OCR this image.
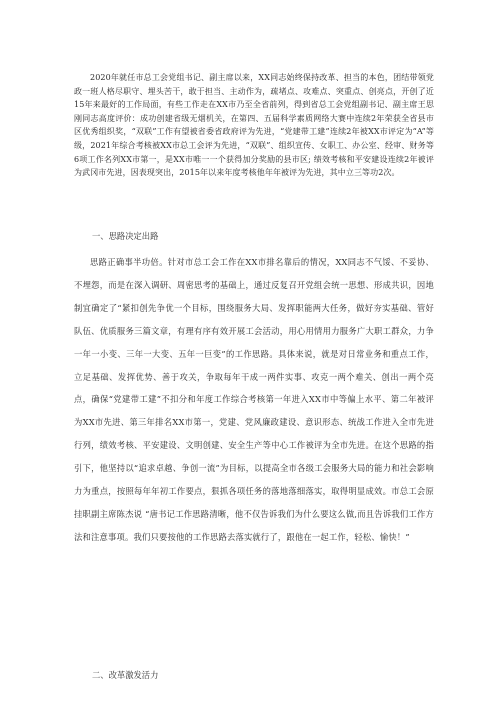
2020年就任市总工会党组书记、副主席以来，XX同志始终保持改革、担当的本色，团结带领党政一班人格尽职守、埋头苦干，敢于担当、主动作为，疏堵点、攻难点、突重点、创亮点，开创了近15年来最好的工作局面，有些工作走在XX市乃至全省前列，得到省总工会党组副书记、副主席王思刚同志高度评价：成功创建省级无烟机关，在第四、五届科学素质网络大赛中连续2年荣获全省县市区优秀组织奖，“双联”工作有望被省委省政府评为先进，“党建带工建”连续2年被XX市评定为“A”等级，2021年综合考核被XX市总工会评为先进，“双联”、组织宣传、女职工、办公室、经审、财务等6项工作名列XX市第一，是XX市唯一一个获得加分奖励的县市区; 绩效考核和平安建设连续2年被评为武冈市先进，因表现突出，2015年以来年度考核他年年被评为先进，其中立三等功2次。

一、思路决定出路

思路正确事半功倍。针对市总工会工作在XX市排名靠后的情况，XX同志不气馁、不妥协、不埋怨，而是在深入调研、周密思考的基础上，通过反复召开党组会统一思想、形成共识，因地制宜确定了“紧扣创先争优一个目标，围绕服务大局、发挥职能两大任务，做好夯实基础、管好队伍、优质服务三篇文章，有理有序有效开展工会活动，用心用情用力服务广大职工群众，力争一年一小变、三年一大变、五年一巨变”的工作思路。具体来说，就是对日常业务和重点工作，立足基础、发挥优势、善于攻关，争取每年干成一两件实事、攻克一两个难关、创出一两个亮点，确保“党建带工建”不扣分和年度工作综合考核第一年进入XX市中等偏上水平、第二年被评为XX市先进、第三年排名XX市第一，党建、党风廉政建设、意识形态、统战工作进入全市先进行列，绩效考核、平安建设、文明创建、安全生产等中心工作被评为全市先进。在这个思路的指引下，他坚持以“追求卓越、争创一流”为目标，以提高全市各级工会服务大局的能力和社会影响力为重点，按照每年年初工作要点，狠抓各项任务的落地落细落实，取得明显成效。市总工会原挂职副主席陈杰说 “唐书记工作思路清晰，他不仅告诉我们为什么要这么做,而且告诉我们工作方法和注意事项。我们只要按他的工作思路去落实就行了，跟他在一起工作，轻松、愉快！”

二、改革激发活力
